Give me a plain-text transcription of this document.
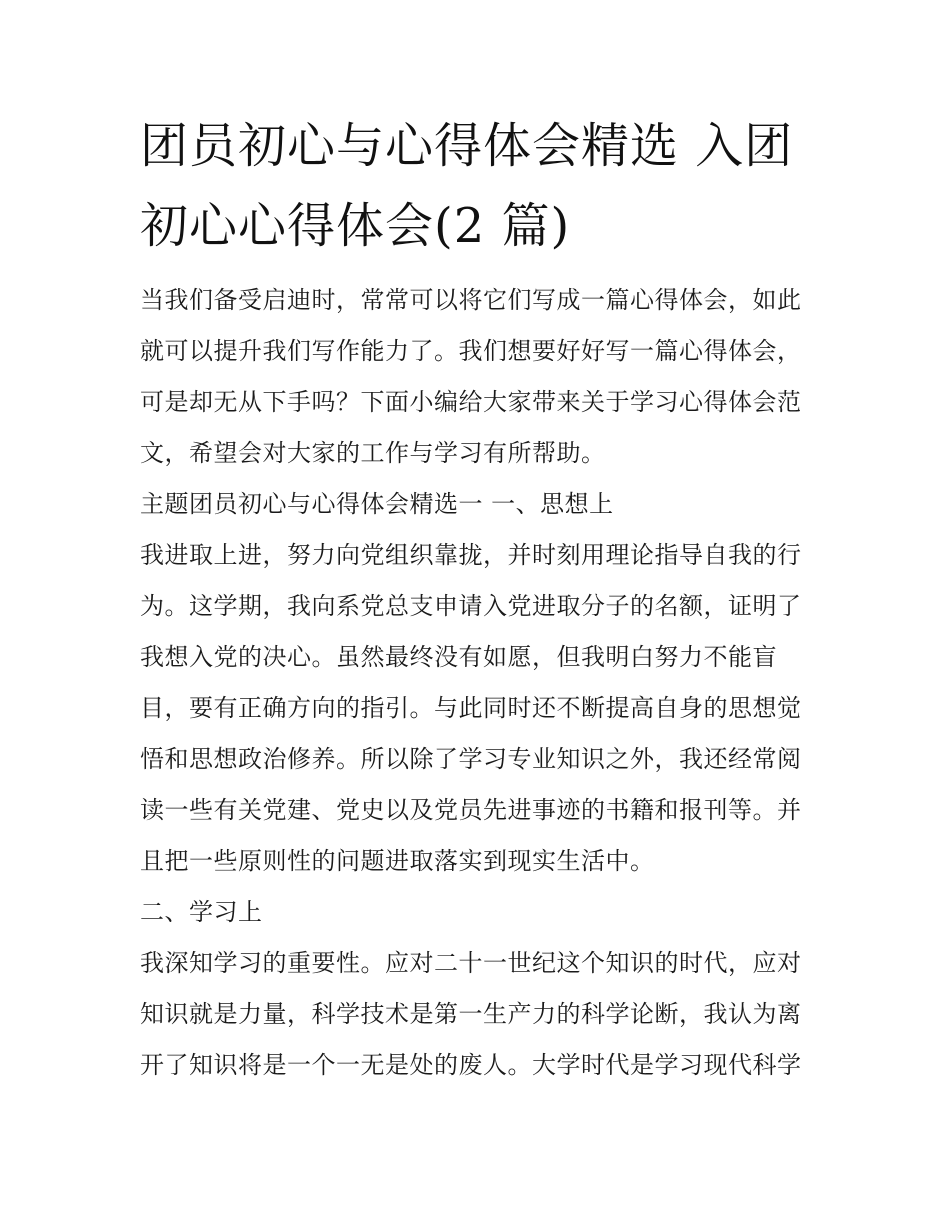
团员初心与心得体会精选 入团
初心心得体会(2 篇)
当我们备受启迪时，常常可以将它们写成一篇心得体会，如此
就可以提升我们写作能力了。我们想要好好写一篇心得体会，
可是却无从下手吗？下面小编给大家带来关于学习心得体会范
文，希望会对大家的工作与学习有所帮助。
主题团员初心与心得体会精选一 一、思想上
我进取上进，努力向党组织靠拢，并时刻用理论指导自我的行
为。这学期，我向系党总支申请入党进取分子的名额，证明了
我想入党的决心。虽然最终没有如愿，但我明白努力不能盲
目，要有正确方向的指引。与此同时还不断提高自身的思想觉
悟和思想政治修养。所以除了学习专业知识之外，我还经常阅
读一些有关党建、党史以及党员先进事迹的书籍和报刊等。并
且把一些原则性的问题进取落实到现实生活中。
二、学习上
我深知学习的重要性。应对二十一世纪这个知识的时代，应对
知识就是力量，科学技术是第一生产力的科学论断，我认为离
开了知识将是一个一无是处的废人。大学时代是学习现代科学
